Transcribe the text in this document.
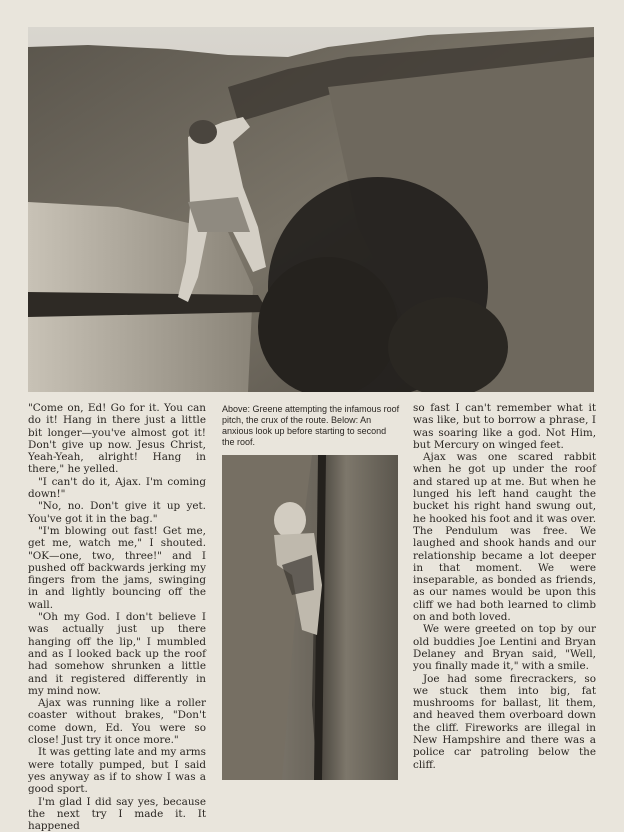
"Come on, Ed! Go for it. You can do it! Hang in there just a little bit longer—you've almost got it! Don't give up now. Jesus Christ, Yeah-Yeah, alright! Hang in there," he yelled.

"I can't do it, Ajax. I'm coming down!"

"No, no. Don't give it up yet. You've got it in the bag."

"I'm blowing out fast! Get me, get me, watch me," I shouted. "OK—one, two, three!" and I pushed off backwards jerking my fingers from the jams, swinging in and lightly bouncing off the wall.

"Oh my God. I don't believe I was actually just up there hanging off the lip," I mumbled and as I looked back up the roof had somehow shrunken a little and it registered differently in my mind now.

Ajax was running like a roller coaster without brakes, "Don't come down, Ed. You were so close! Just try it once more."

It was getting late and my arms were totally pumped, but I said yes anyway as if to show I was a good sport.

I'm glad I did say yes, because the next try I made it. It happened

Above: Greene attempting the infamous roof pitch, the crux of the route. Below: An anxious look up before starting to second the roof.

so fast I can't remember what it was like, but to borrow a phrase, I was soaring like a god. Not Him, but Mercury on winged feet.

Ajax was one scared rabbit when he got up under the roof and stared up at me. But when he lunged his left hand caught the bucket his right hand swung out, he hooked his foot and it was over. The Pendulum was free. We laughed and shook hands and our relationship became a lot deeper in that moment. We were inseparable, as bonded as friends, as our names would be upon this cliff we had both learned to climb on and both loved.

We were greeted on top by our old buddies Joe Lentini and Bryan Delaney and Bryan said, "Well, you finally made it," with a smile.

Joe had some firecrackers, so we stuck them into big, fat mushrooms for ballast, lit them, and heaved them overboard down the cliff. Fireworks are illegal in New Hampshire and there was a police car patroling below the cliff.
